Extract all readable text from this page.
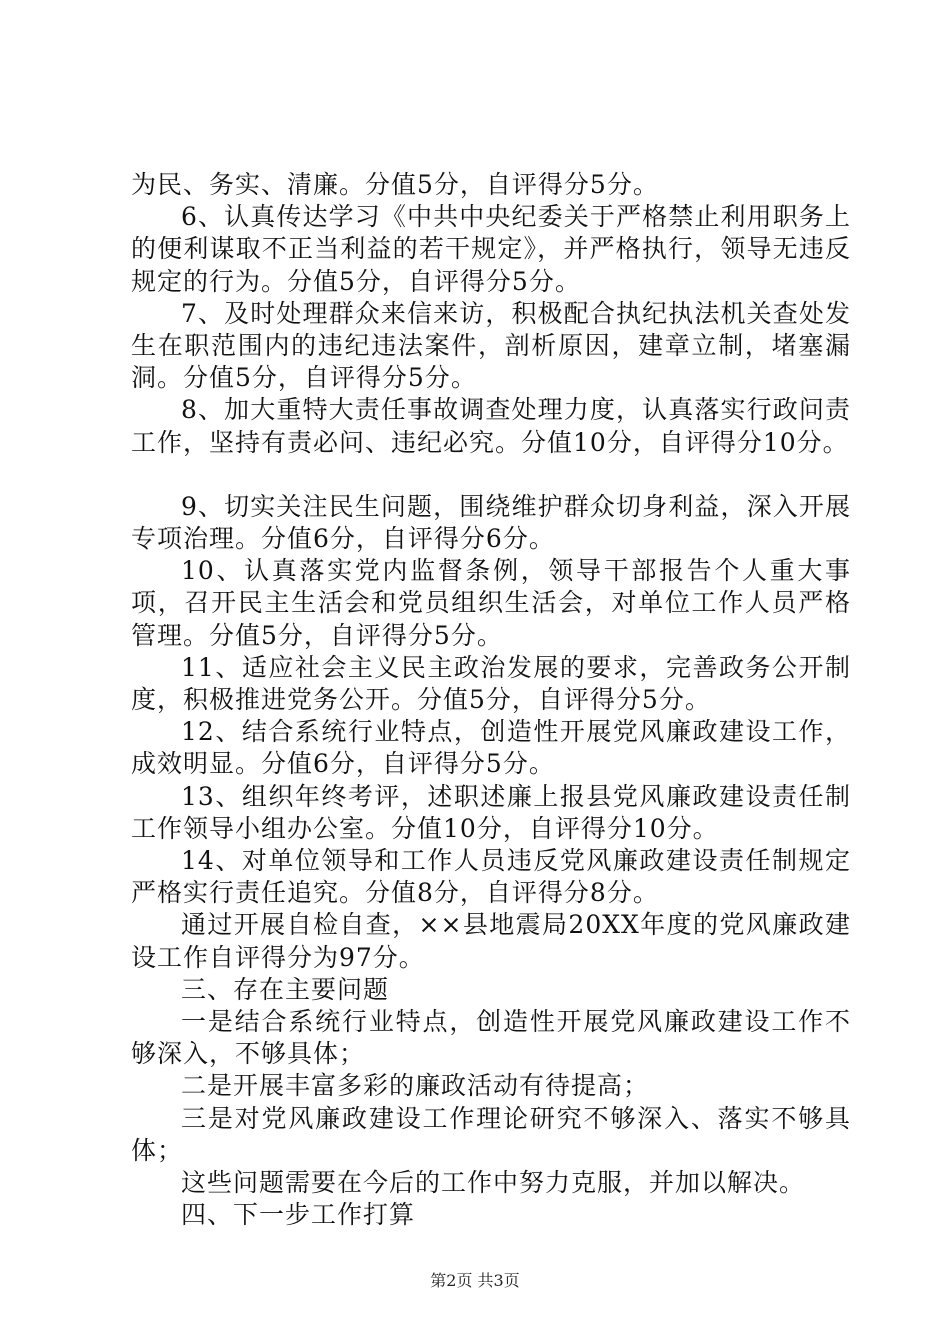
为民、务实、清廉。分值5分，自评得分5分。

6、认真传达学习《中共中央纪委关于严格禁止利用职务上的便利谋取不正当利益的若干规定》，并严格执行，领导无违反规定的行为。分值5分，自评得分5分。

7、及时处理群众来信来访，积极配合执纪执法机关查处发生在职范围内的违纪违法案件，剖析原因，建章立制，堵塞漏洞。分值5分，自评得分5分。

8、加大重特大责任事故调查处理力度，认真落实行政问责工作，坚持有责必问、违纪必究。分值10分，自评得分10分。

9、切实关注民生问题，围绕维护群众切身利益，深入开展专项治理。分值6分，自评得分6分。

10、认真落实党内监督条例，领导干部报告个人重大事项，召开民主生活会和党员组织生活会，对单位工作人员严格管理。分值5分，自评得分5分。

11、适应社会主义民主政治发展的要求，完善政务公开制度，积极推进党务公开。分值5分，自评得分5分。

12、结合系统行业特点，创造性开展党风廉政建设工作，成效明显。分值6分，自评得分5分。

13、组织年终考评，述职述廉上报县党风廉政建设责任制工作领导小组办公室。分值10分，自评得分10分。

14、对单位领导和工作人员违反党风廉政建设责任制规定严格实行责任追究。分值8分，自评得分8分。

通过开展自检自查，××县地震局20XX年度的党风廉政建设工作自评得分为97分。

三、存在主要问题

一是结合系统行业特点，创造性开展党风廉政建设工作不够深入，不够具体；

二是开展丰富多彩的廉政活动有待提高；

三是对党风廉政建设工作理论研究不够深入、落实不够具体；

这些问题需要在今后的工作中努力克服，并加以解决。

四、下一步工作打算

第2页 共3页
